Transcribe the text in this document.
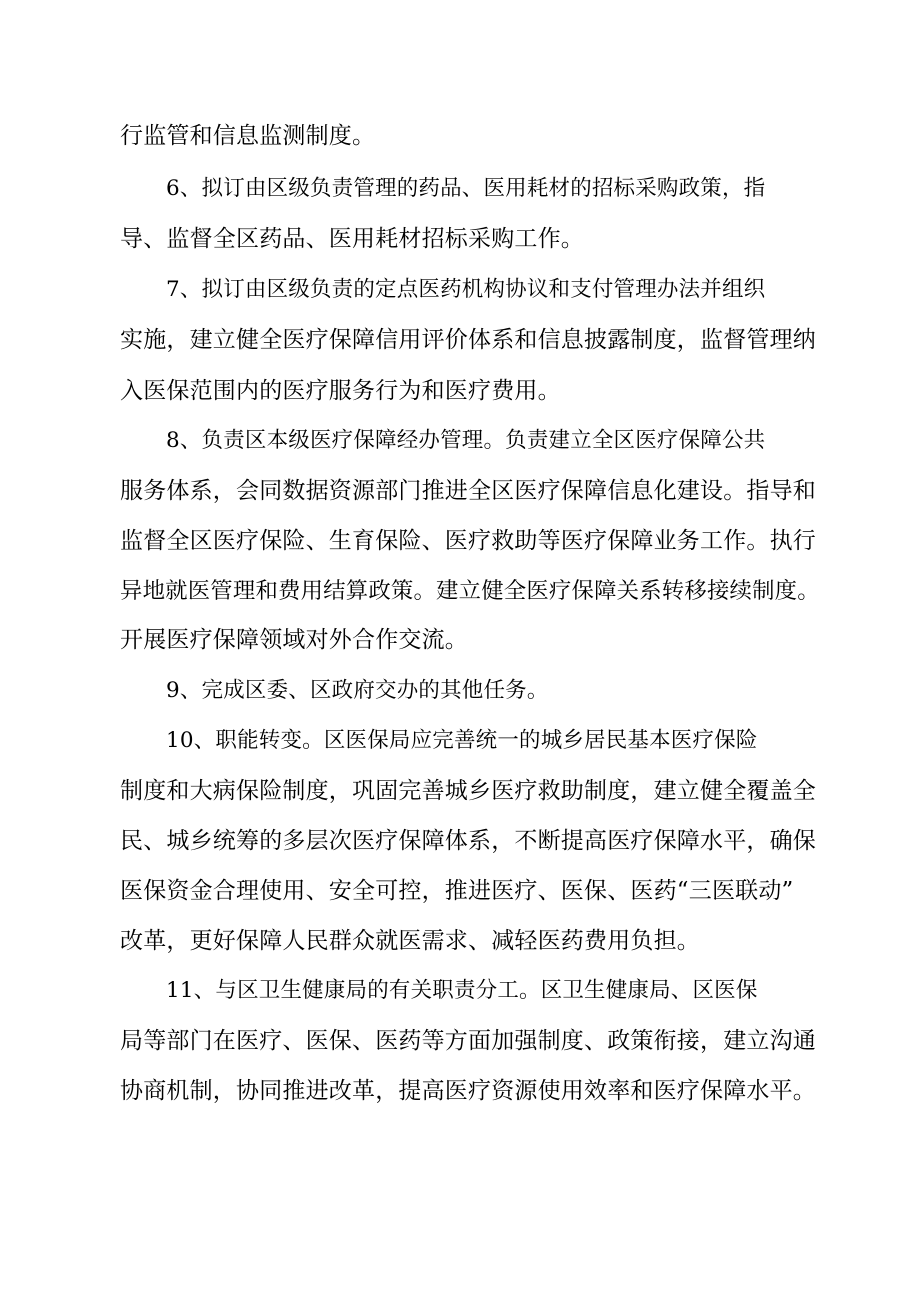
行监管和信息监测制度。
6、拟订由区级负责管理的药品、医用耗材的招标采购政策，指
导、监督全区药品、医用耗材招标采购工作。
7、拟订由区级负责的定点医药机构协议和支付管理办法并组织
实施，建立健全医疗保障信用评价体系和信息披露制度，监督管理纳
入医保范围内的医疗服务行为和医疗费用。
8、负责区本级医疗保障经办管理。负责建立全区医疗保障公共
服务体系，会同数据资源部门推进全区医疗保障信息化建设。指导和
监督全区医疗保险、生育保险、医疗救助等医疗保障业务工作。执行
异地就医管理和费用结算政策。建立健全医疗保障关系转移接续制度。
开展医疗保障领域对外合作交流。
9、完成区委、区政府交办的其他任务。
10、职能转变。区医保局应完善统一的城乡居民基本医疗保险
制度和大病保险制度，巩固完善城乡医疗救助制度，建立健全覆盖全
民、城乡统筹的多层次医疗保障体系，不断提高医疗保障水平，确保
医保资金合理使用、安全可控，推进医疗、医保、医药“三医联动”
改革，更好保障人民群众就医需求、减轻医药费用负担。
11、与区卫生健康局的有关职责分工。区卫生健康局、区医保
局等部门在医疗、医保、医药等方面加强制度、政策衔接，建立沟通
协商机制，协同推进改革，提高医疗资源使用效率和医疗保障水平。
